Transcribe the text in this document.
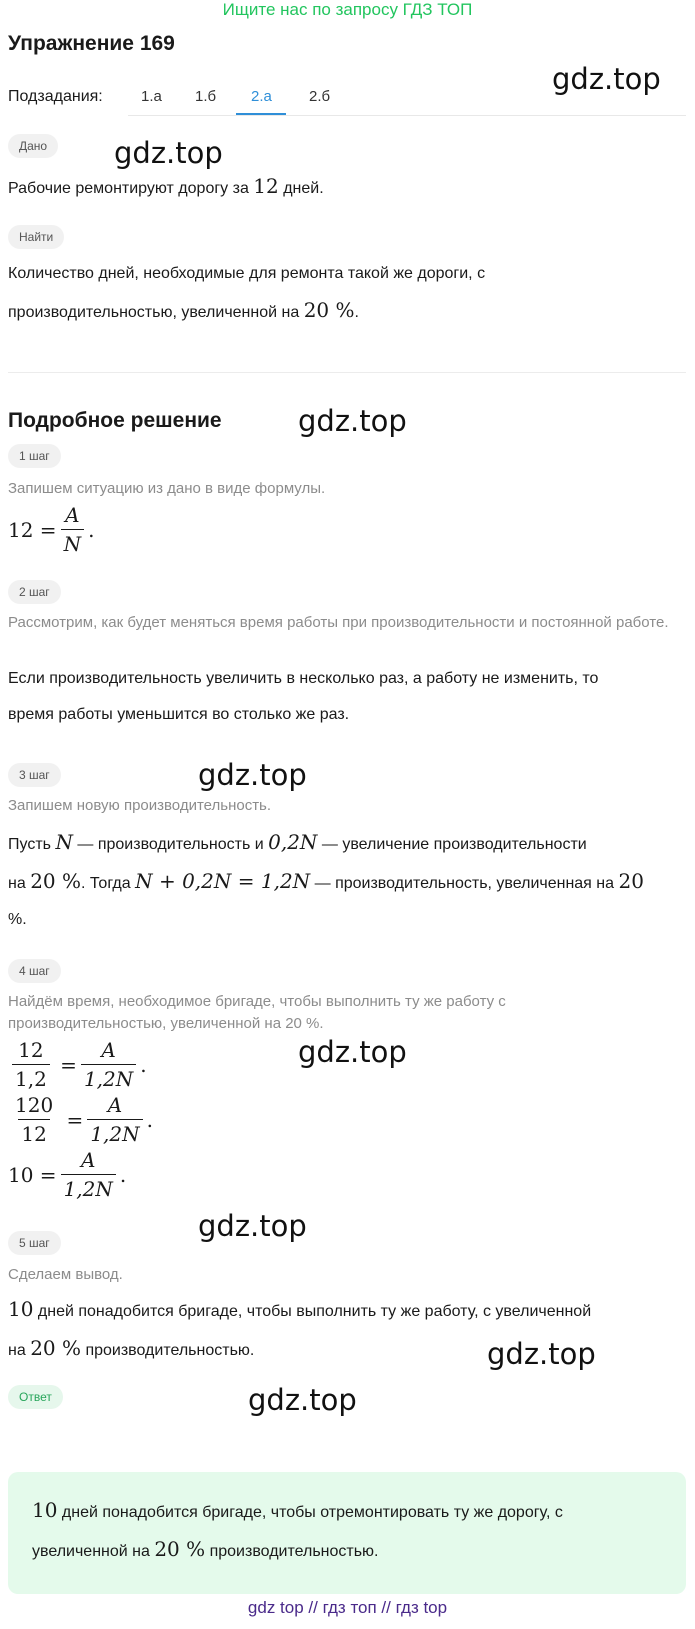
Ищите нас по запросу ГДЗ ТОП
Упражнение 169
Подзадания:	1.а 1.б 2.а 2.б
gdz.top
gdz.top
gdz.top
gdz.top
gdz.top
gdz.top
gdz.top
gdz.top
Дано
Рабочие ремонтируют дорогу за 12 дней.
Найти
Количество дней, необходимые для ремонта такой же дороги, с
производительностью, увеличенной на 20 %.
Подробное решение
1 шаг
Запишем ситуацию из дано в виде формулы.
$12 = \frac{A}{N}$ .
2 шаг
Рассмотрим, как будет меняться время работы при производительности и постоянной работе.
Если производительность увеличить в несколько раз, а работу не изменить, то
время работы уменьшится во столько же раз.
3 шаг
Запишем новую производительность.
Пусть N — производительность и 0,2N — увеличение производительности
на 20 %. Тогда N + 0,2N = 1,2N — производительность, увеличенная на 20
%.
4 шаг
Найдём время, необходимое бригаде, чтобы выполнить ту же работу с
производительностью, увеличенной на 20 %.
$\frac{12}{1,2} = \frac{A}{1,2N}$ .
$\frac{120}{12} = \frac{A}{1,2N}$ .
$10 = \frac{A}{1,2N}$ .
5 шаг
Сделаем вывод.
10 дней понадобится бригаде, чтобы выполнить ту же работу, с увеличенной
на 20 % производительностью.
Ответ
10 дней понадобится бригаде, чтобы отремонтировать ту же дорогу, с
увеличенной на 20 % производительностью.
gdz top // гдз топ // гдз top
